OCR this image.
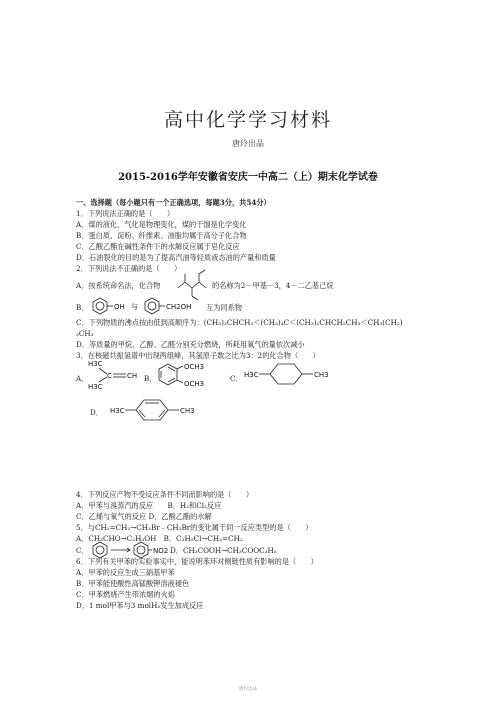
高中化学学习材料
唐玲出品
2015-2016学年安徽省安庆一中高二（上）期末化学试卷
一、选择题（每小题只有一个正确选项，每题3分，共54分）
1．下列说法正确的是（　　）
A．煤的液化、气化是物理变化，煤的干馏是化学变化
B．蛋白质、淀粉、纤维素、油脂均属于高分子化合物
C．乙酸乙酯在碱性条件下的水解反应属于皂化反应
D．石油裂化的目的是为了提高汽油等轻质液态油的产量和质量
2．下列说法不正确的是（　　）
A．按系统命名法，化合物	的名称为2－甲基－3，4－二乙基己烷
B．	OH 与	CH2OH 互为同系物
C．下列物质的沸点按由低到高顺序为：(CH₃)₂CHCH₃＜(CH₃)₄C＜(CH₃)₂CHCH₂CH₃＜CH₃(CH₂)
₃CH₃
D．等质量的甲烷、乙醇、乙醛分别充分燃烧，所耗用氧气的量依次减小
3．在核磁共振氢谱中出现两组峰，其氢原子数之比为3：2的化合物（　　）
A．
H3C
H3C
C CH B．
OCH3
OCH3
C． H3C	CH3
D． H3C	CH3
4．下列反应产物不受反应条件不同而影响的是（　　）
A．甲苯与溴蒸汽的反应　　B．H₂和Cl₂反应
C．乙烯与氧气的反应 D．乙酸乙酯的水解
5．与CH₂=CH₂→CH₂Br﹣CH₂Br的变化属于同一反应类型的是（　　）
A．CH₃CHO→C₂H₅OH　B．C₂H₅Cl→CH₂=CH₂
C．	NO2 D．CH₃COOH→CH₃COOC₂H₅
6．下列有关甲苯的实验事实中，能说明苯环对侧链性质有影响的是（　　）
A．甲苯的反应生成三硝基甲苯
B．甲苯能使酸性高锰酸钾溶液褪色
C．甲苯燃烧产生带浓烟的火焰
D．1 mol甲苯与3 molH₂发生加成反应
唐玲出品
